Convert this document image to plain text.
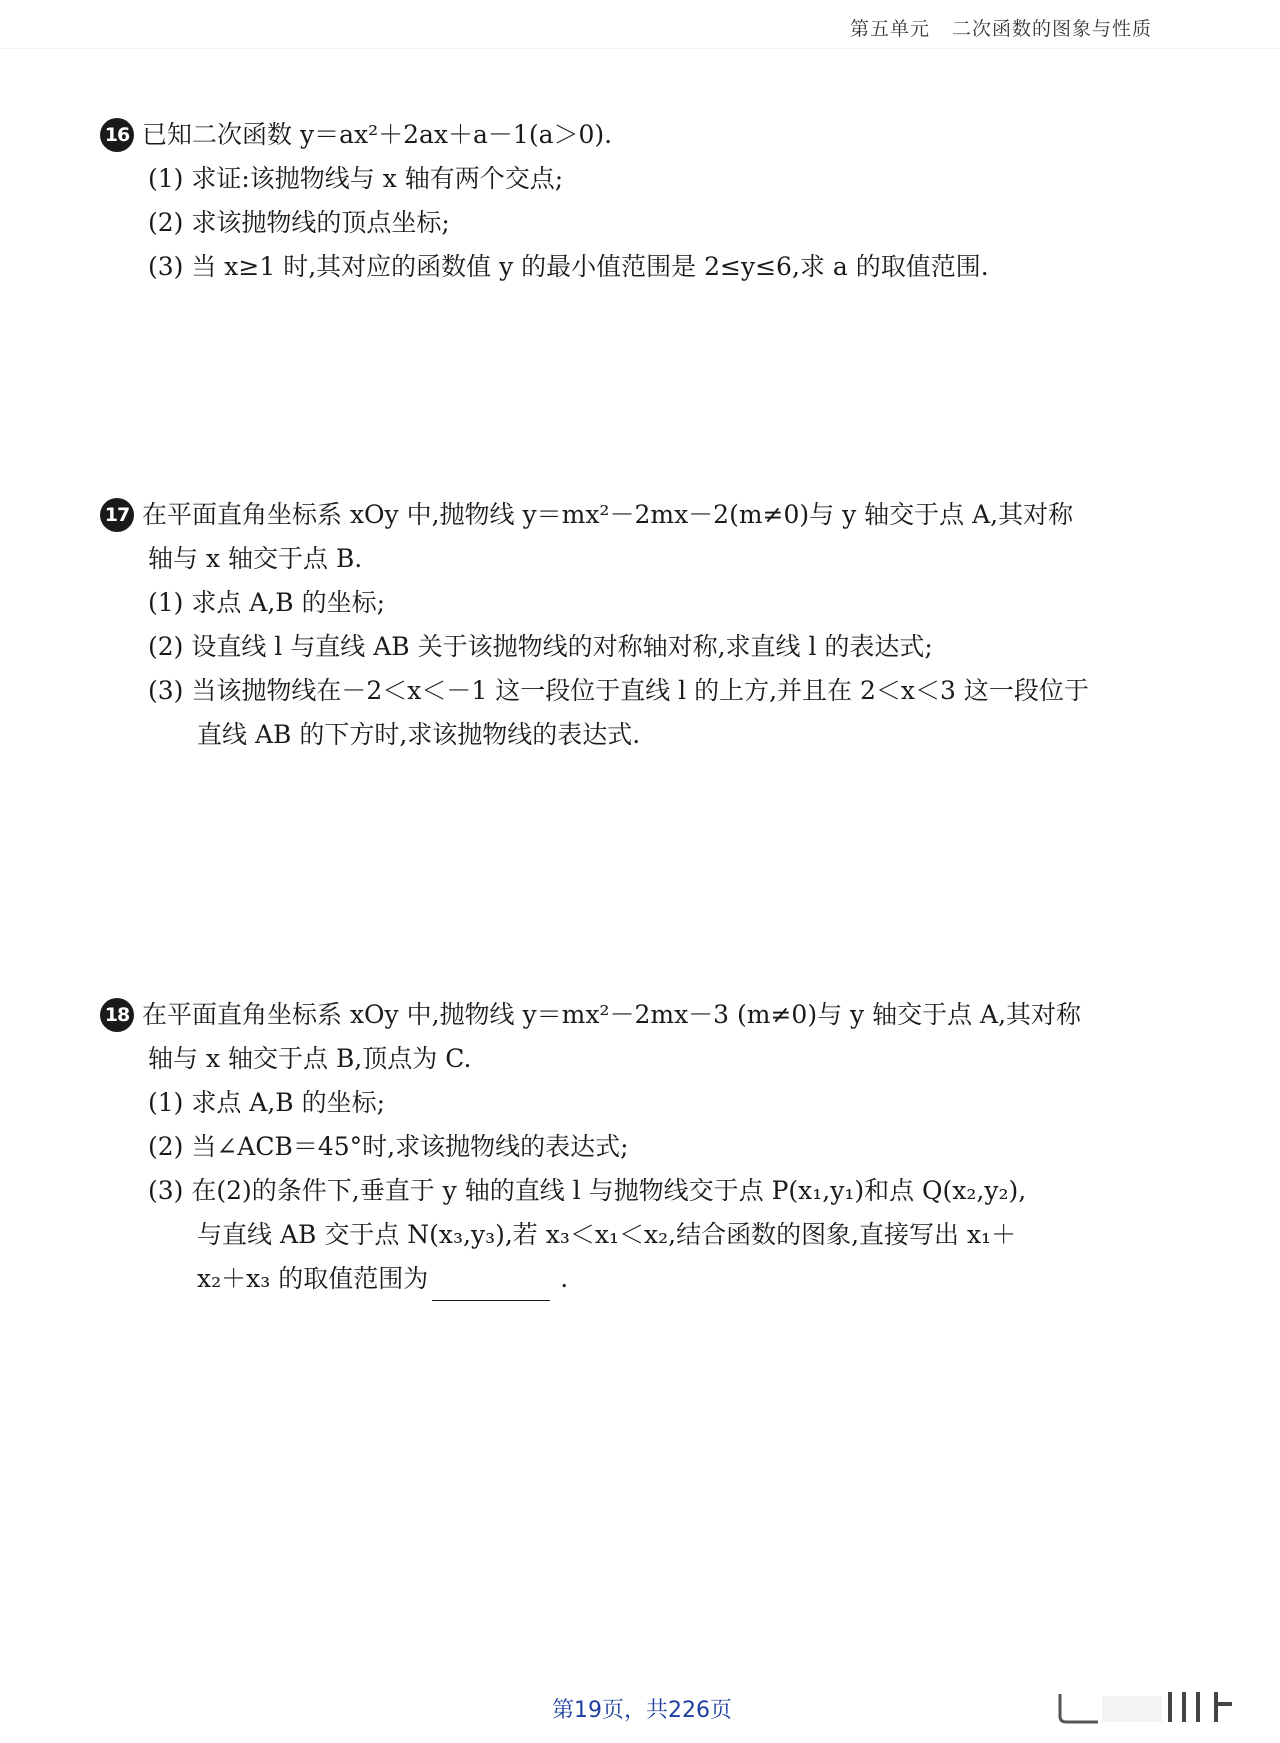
第五单元 二次函数的图象与性质
16 已知二次函数 y＝ax²＋2ax＋a－1(a＞0).
(1) 求证:该抛物线与 x 轴有两个交点;
(2) 求该抛物线的顶点坐标;
(3) 当 x≥1 时,其对应的函数值 y 的最小值范围是 2≤y≤6,求 a 的取值范围.
17 在平面直角坐标系 xOy 中,抛物线 y＝mx²－2mx－2(m≠0)与 y 轴交于点 A,其对称
轴与 x 轴交于点 B.
(1) 求点 A,B 的坐标;
(2) 设直线 l 与直线 AB 关于该抛物线的对称轴对称,求直线 l 的表达式;
(3) 当该抛物线在－2＜x＜－1 这一段位于直线 l 的上方,并且在 2＜x＜3 这一段位于
直线 AB 的下方时,求该抛物线的表达式.
18 在平面直角坐标系 xOy 中,抛物线 y＝mx²－2mx－3 (m≠0)与 y 轴交于点 A,其对称
轴与 x 轴交于点 B,顶点为 C.
(1) 求点 A,B 的坐标;
(2) 当∠ACB＝45°时,求该抛物线的表达式;
(3) 在(2)的条件下,垂直于 y 轴的直线 l 与抛物线交于点 P(x₁,y₁)和点 Q(x₂,y₂),
与直线 AB 交于点 N(x₃,y₃),若 x₃＜x₁＜x₂,结合函数的图象,直接写出 x₁＋
x₂＋x₃ 的取值范围为	.
第19页，共226页
